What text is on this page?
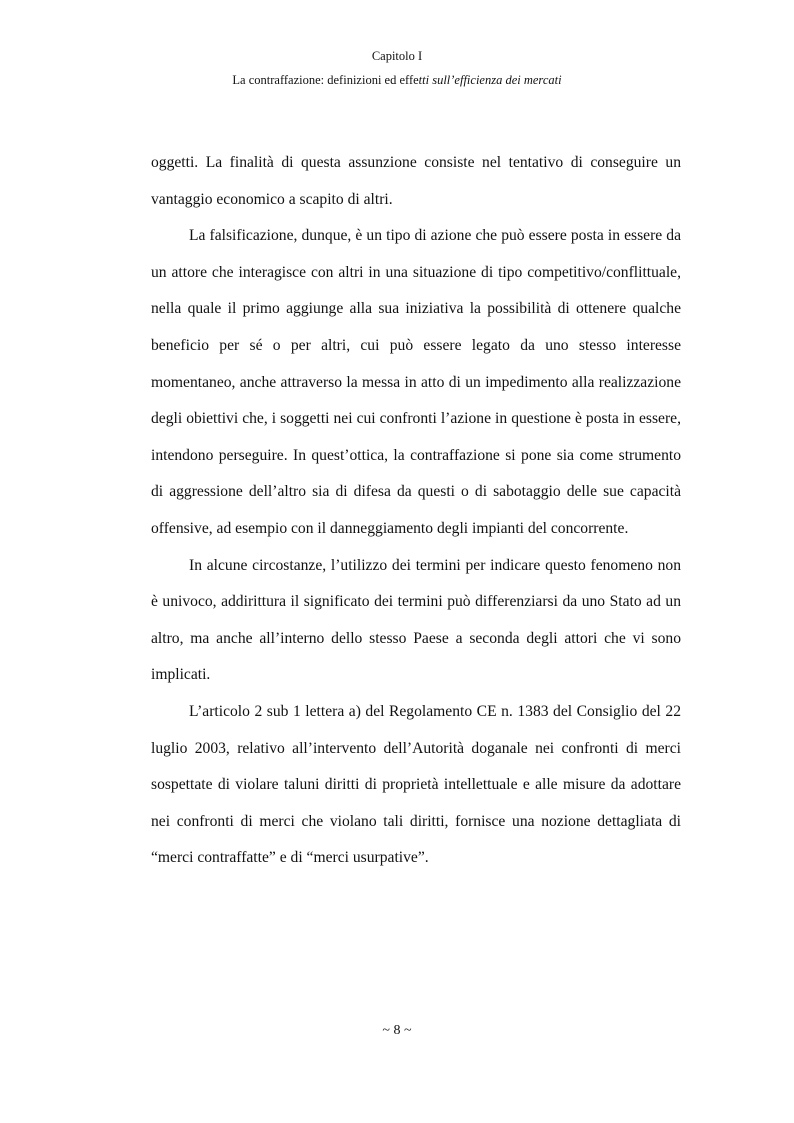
Capitolo I
La contraffazione: definizioni ed effetti sull’efficienza dei mercati

oggetti. La finalità di questa assunzione consiste nel tentativo di conseguire un vantaggio economico a scapito di altri.

La falsificazione, dunque, è un tipo di azione che può essere posta in essere da un attore che interagisce con altri in una situazione di tipo competitivo/conflittuale, nella quale il primo aggiunge alla sua iniziativa la possibilità di ottenere qualche beneficio per sé o per altri, cui può essere legato da uno stesso interesse momentaneo, anche attraverso la messa in atto di un impedimento alla realizzazione degli obiettivi che, i soggetti nei cui confronti l’azione in questione è posta in essere, intendono perseguire. In quest’ottica, la contraffazione si pone sia come strumento di aggressione dell’altro sia di difesa da questi o di sabotaggio delle sue capacità offensive, ad esempio con il danneggiamento degli impianti del concorrente.

In alcune circostanze, l’utilizzo dei termini per indicare questo fenomeno non è univoco, addirittura il significato dei termini può differenziarsi da uno Stato ad un altro, ma anche all’interno dello stesso Paese a seconda degli attori che vi sono implicati.

L’articolo 2 sub 1 lettera a) del Regolamento CE n. 1383 del Consiglio del 22 luglio 2003, relativo all’intervento dell’Autorità doganale nei confronti di merci sospettate di violare taluni diritti di proprietà intellettuale e alle misure da adottare nei confronti di merci che violano tali diritti, fornisce una nozione dettagliata di “merci contraffatte” e di “merci usurpative”.

~ 8 ~
